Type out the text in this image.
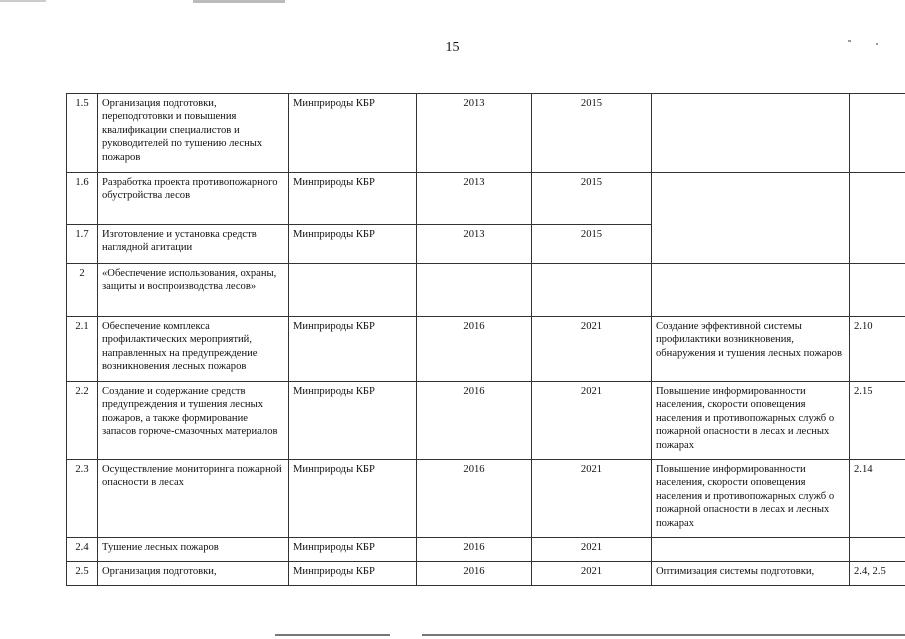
15
1.5	Организация подготовки, переподготовки и повышения квалификации специалистов и руководителей по тушению лесных пожаров	Минприроды КБР	2013	2015		
1.6	Разработка проекта противопожарного обустройства лесов	Минприроды КБР	2013	2015		
1.7	Изготовление и установка средств наглядной агитации	Минприроды КБР	2013	2015		
2	«Обеспечение использования, охраны, защиты и воспроизводства лесов»					
2.1	Обеспечение комплекса профилактических мероприятий, направленных на предупреждение возникновения лесных пожаров	Минприроды КБР	2016	2021	Создание эффективной системы профилактики возникновения, обнаружения и тушения лесных пожаров	2.10
2.2	Создание и содержание средств предупреждения и тушения лесных пожаров, а также формирование запасов горюче-смазочных материалов	Минприроды КБР	2016	2021	Повышение информированности населения, скорости оповещения населения и противопожарных служб о пожарной опасности в лесах и лесных пожарах	2.15
2.3	Осуществление мониторинга пожарной опасности в лесах	Минприроды КБР	2016	2021	Повышение информированности населения, скорости оповещения населения и противопожарных служб о пожарной опасности в лесах и лесных пожарах	2.14
2.4	Тушение лесных пожаров	Минприроды КБР	2016	2021		
2.5	Организация подготовки,	Минприроды КБР	2016	2021	Оптимизация системы подготовки,	2.4, 2.5
